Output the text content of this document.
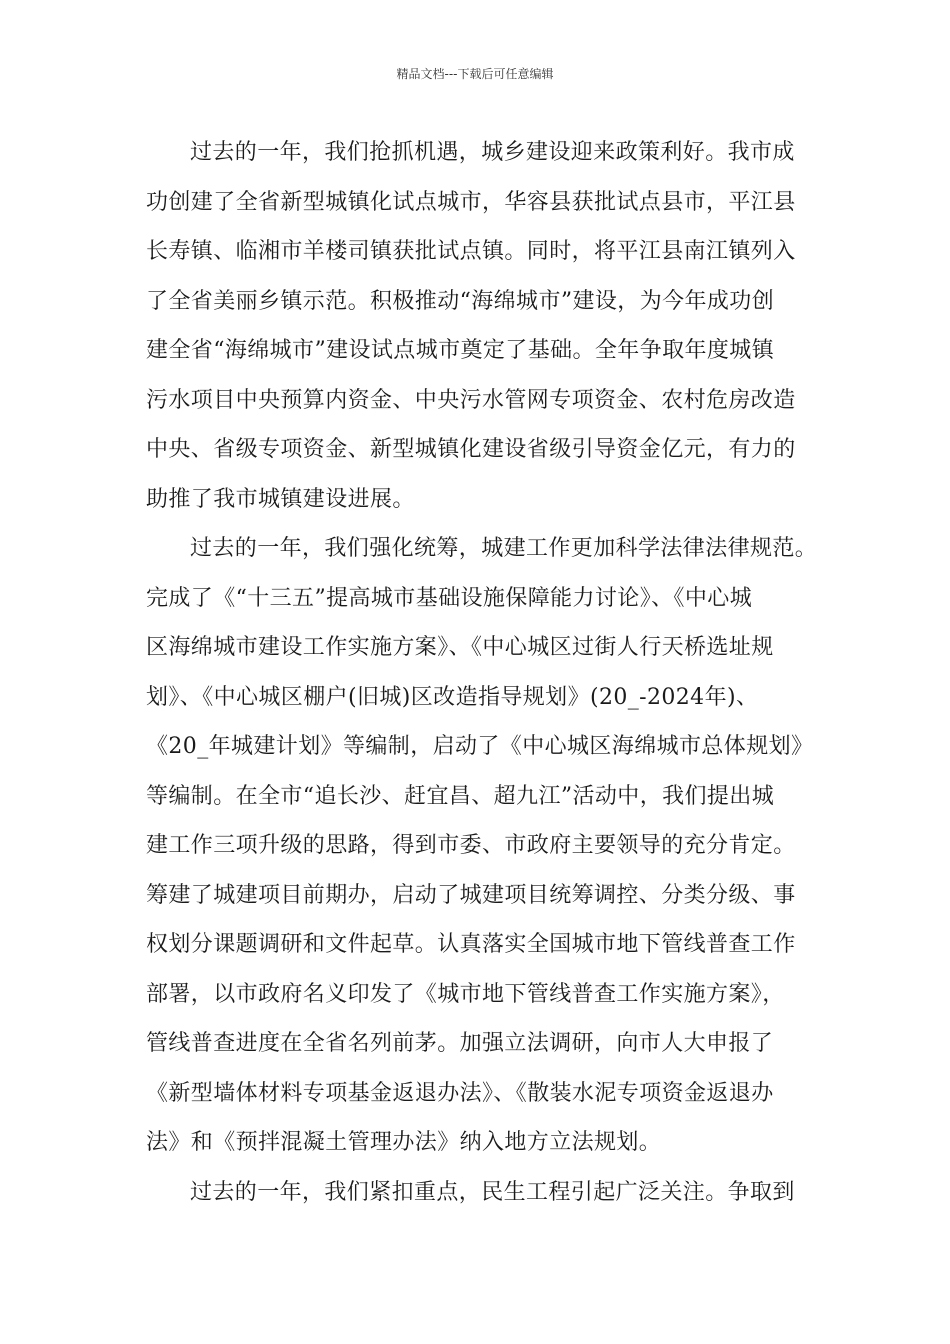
精品文档---下载后可任意编辑
过去的一年，我们抢抓机遇，城乡建设迎来政策利好。我市成
功创建了全省新型城镇化试点城市，华容县获批试点县市，平江县
长寿镇、临湘市羊楼司镇获批试点镇。同时，将平江县南江镇列入
了全省美丽乡镇示范。积极推动“海绵城市”建设，为今年成功创
建全省“海绵城市”建设试点城市奠定了基础。全年争取年度城镇
污水项目中央预算内资金、中央污水管网专项资金、农村危房改造
中央、省级专项资金、新型城镇化建设省级引导资金亿元，有力的
助推了我市城镇建设进展。
过去的一年，我们强化统筹，城建工作更加科学法律法律规范。
完成了《“十三五”提高城市基础设施保障能力讨论》、《中心城
区海绵城市建设工作实施方案》、《中心城区过街人行天桥选址规
划》、《中心城区棚户(旧城)区改造指导规划》(20_-2024年)、
《20_年城建计划》等编制，启动了《中心城区海绵城市总体规划》
等编制。在全市“追长沙、赶宜昌、超九江”活动中，我们提出城
建工作三项升级的思路，得到市委、市政府主要领导的充分肯定。
筹建了城建项目前期办，启动了城建项目统筹调控、分类分级、事
权划分课题调研和文件起草。认真落实全国城市地下管线普查工作
部署，以市政府名义印发了《城市地下管线普查工作实施方案》，
管线普查进度在全省名列前茅。加强立法调研，向市人大申报了
《新型墙体材料专项基金返退办法》、《散装水泥专项资金返退办
法》和《预拌混凝土管理办法》纳入地方立法规划。
过去的一年，我们紧扣重点，民生工程引起广泛关注。争取到
